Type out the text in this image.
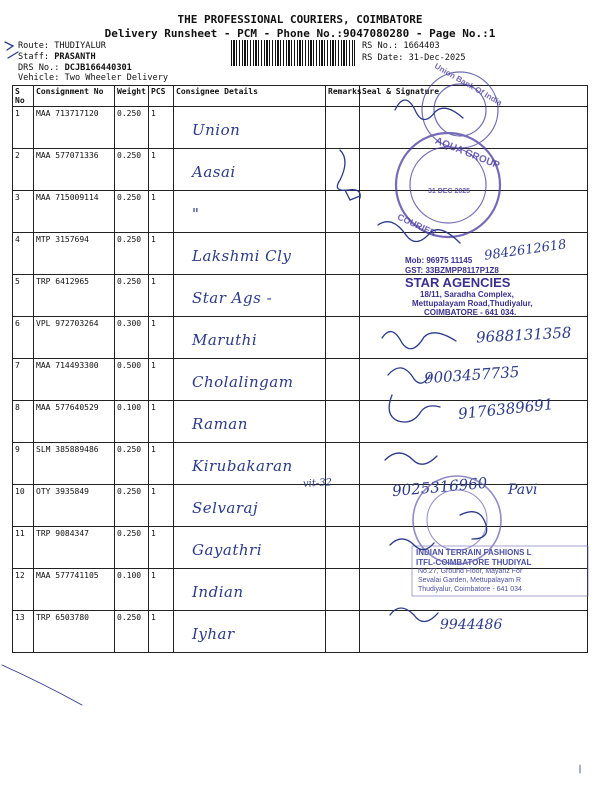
THE PROFESSIONAL COURIERS, COIMBATORE
Delivery Runsheet - PCM - Phone No.:9047080280 - Page No.:1
Route: THUDIYALUR
Staff: PRASANTH
DRS No.: DCJB166440301
Vehicle: Two Wheeler Delivery
RS No.: 1664403
RS Date: 31-Dec-2025
S No	Consignment No	Weight	PCS	Consignee Details	Remarks	Seal & Signature
1	MAA 713717120	0.250	1	Union		

2	MAA 577071336	0.250	1	Aasai		

3	MAA 715009114	0.250	1	"		

4	MTP 3157694	0.250	1	Lakshmi Cly		

5	TRP 6412965	0.250	1	Star Ags -		

6	VPL 972703264	0.300	1	Maruthi		

7	MAA 714493300	0.500	1	Cholalingam		

8	MAA 577640529	0.100	1	Raman		

9	SLM 385889486	0.250	1	Kirubakaran		

10	OTY 3935849	0.250	1	Selvaraj		

11	TRP 9084347	0.250	1	Gayathri		

12	MAA 577741105	0.100	1	Indian		

13	TRP 6503780	0.250	1	Iyhar		

9842612618
9688131358
9003457735
9176389691
9025316960
vit-32	Pavi
9944486
Union Bank Of India
AQUA GROUP
COURIER
31 DEC 2025
Mob: 96975 11145
GST: 33BZMPP8117P1Z8
STAR AGENCIES
18/11, Saradha Complex,
Mettupalayam Road,Thudiyalur,
COIMBATORE - 641 034.
INDIAN TERRAIN FASHIONS L
ITFL-COIMBATORE THUDIYAL
No.27, Ground Floor, Mayanz For
Sevalai Garden, Mettupalayam R
Thudiyalur, Coimbatore - 641 034
